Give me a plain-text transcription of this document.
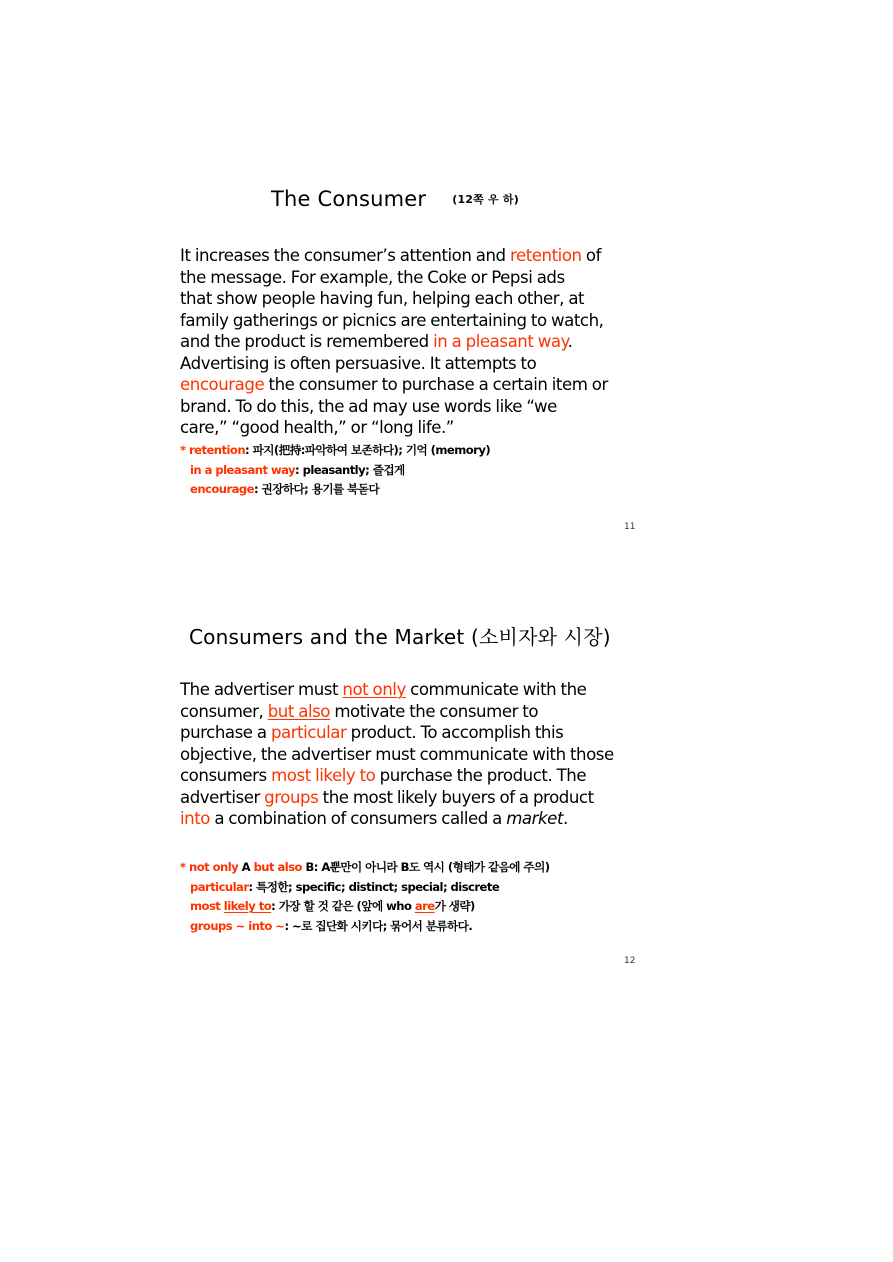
The Consumer (12쪽 우 하)
It increases the consumer’s attention and retention of
the message. For example, the Coke or Pepsi ads
that show people having fun, helping each other, at
family gatherings or picnics are entertaining to watch,
and the product is remembered in a pleasant way.
Advertising is often persuasive. It attempts to
encourage the consumer to purchase a certain item or
brand. To do this, the ad may use words like “we
care,” “good health,” or “long life.”
* retention: 파지(把持:파악하여 보존하다); 기억 (memory)
in a pleasant way: pleasantly; 즐겁게
encourage: 권장하다; 용기를 북돋다
11
Consumers and the Market (소비자와 시장)
The advertiser must not only communicate with the
consumer, but also motivate the consumer to
purchase a particular product. To accomplish this
objective, the advertiser must communicate with those
consumers most likely to purchase the product. The
advertiser groups the most likely buyers of a product
into a combination of consumers called a market.
* not only A but also B: A뿐만이 아니라 B도 역시 (형태가 같음에 주의)
particular: 특정한; specific; distinct; special; discrete
most likely to: 가장 할 것 같은 (앞에 who are가 생략)
groups ~ into ~: ~로 집단화 시키다; 묶어서 분류하다.
12
